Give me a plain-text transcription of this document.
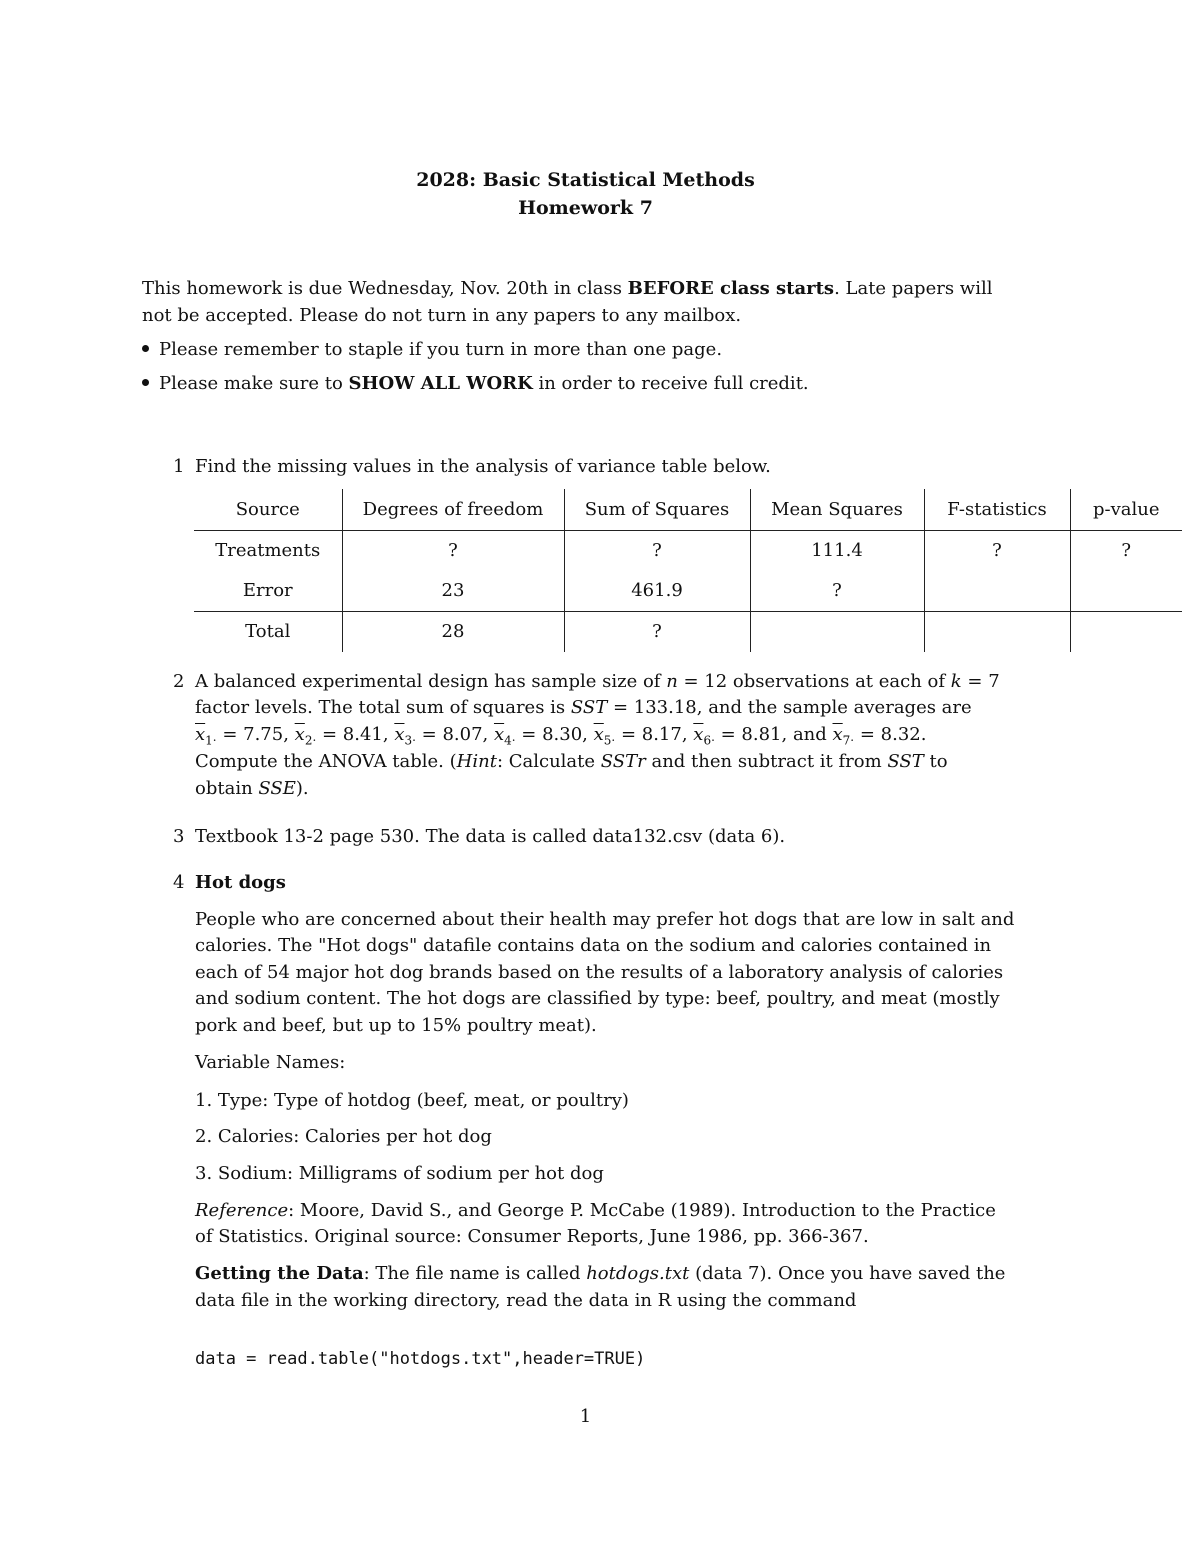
2028: Basic Statistical Methods
Homework 7
This homework is due Wednesday, Nov. 20th in class BEFORE class starts. Late papers will
not be accepted. Please do not turn in any papers to any mailbox.
Please remember to staple if you turn in more than one page.
Please make sure to SHOW ALL WORK in order to receive full credit.
1 Find the missing values in the analysis of variance table below.
Source	Degrees of freedom	Sum of Squares	Mean Squares	F-statistics	p-value
Treatments	?	?	111.4	?	?
Error	23	461.9	?		
Total	28	?			
2 A balanced experimental design has sample size of n = 12 observations at each of k = 7
factor levels. The total sum of squares is SST = 133.18, and the sample averages are
$\overline{x}_{1\cdot} = 7.75$, $\overline{x}_{2\cdot} = 8.41$, $\overline{x}_{3\cdot} = 8.07$, $\overline{x}_{4\cdot} = 8.30$, $\overline{x}_{5\cdot} = 8.17$, $\overline{x}_{6\cdot} = 8.81$, and $\overline{x}_{7\cdot} = 8.32$.
Compute the ANOVA table. (Hint: Calculate SSTr and then subtract it from SST to
obtain SSE).
3 Textbook 13-2 page 530. The data is called data132.csv (data 6).
4 Hot dogs
People who are concerned about their health may prefer hot dogs that are low in salt and
calories. The "Hot dogs" datafile contains data on the sodium and calories contained in
each of 54 major hot dog brands based on the results of a laboratory analysis of calories
and sodium content. The hot dogs are classified by type: beef, poultry, and meat (mostly
pork and beef, but up to 15% poultry meat).
Variable Names:
1. Type: Type of hotdog (beef, meat, or poultry)
2. Calories: Calories per hot dog
3. Sodium: Milligrams of sodium per hot dog
Reference: Moore, David S., and George P. McCabe (1989). Introduction to the Practice
of Statistics. Original source: Consumer Reports, June 1986, pp. 366-367.
Getting the Data: The file name is called hotdogs.txt (data 7). Once you have saved the
data file in the working directory, read the data in R using the command
data = read.table("hotdogs.txt",header=TRUE)
1
